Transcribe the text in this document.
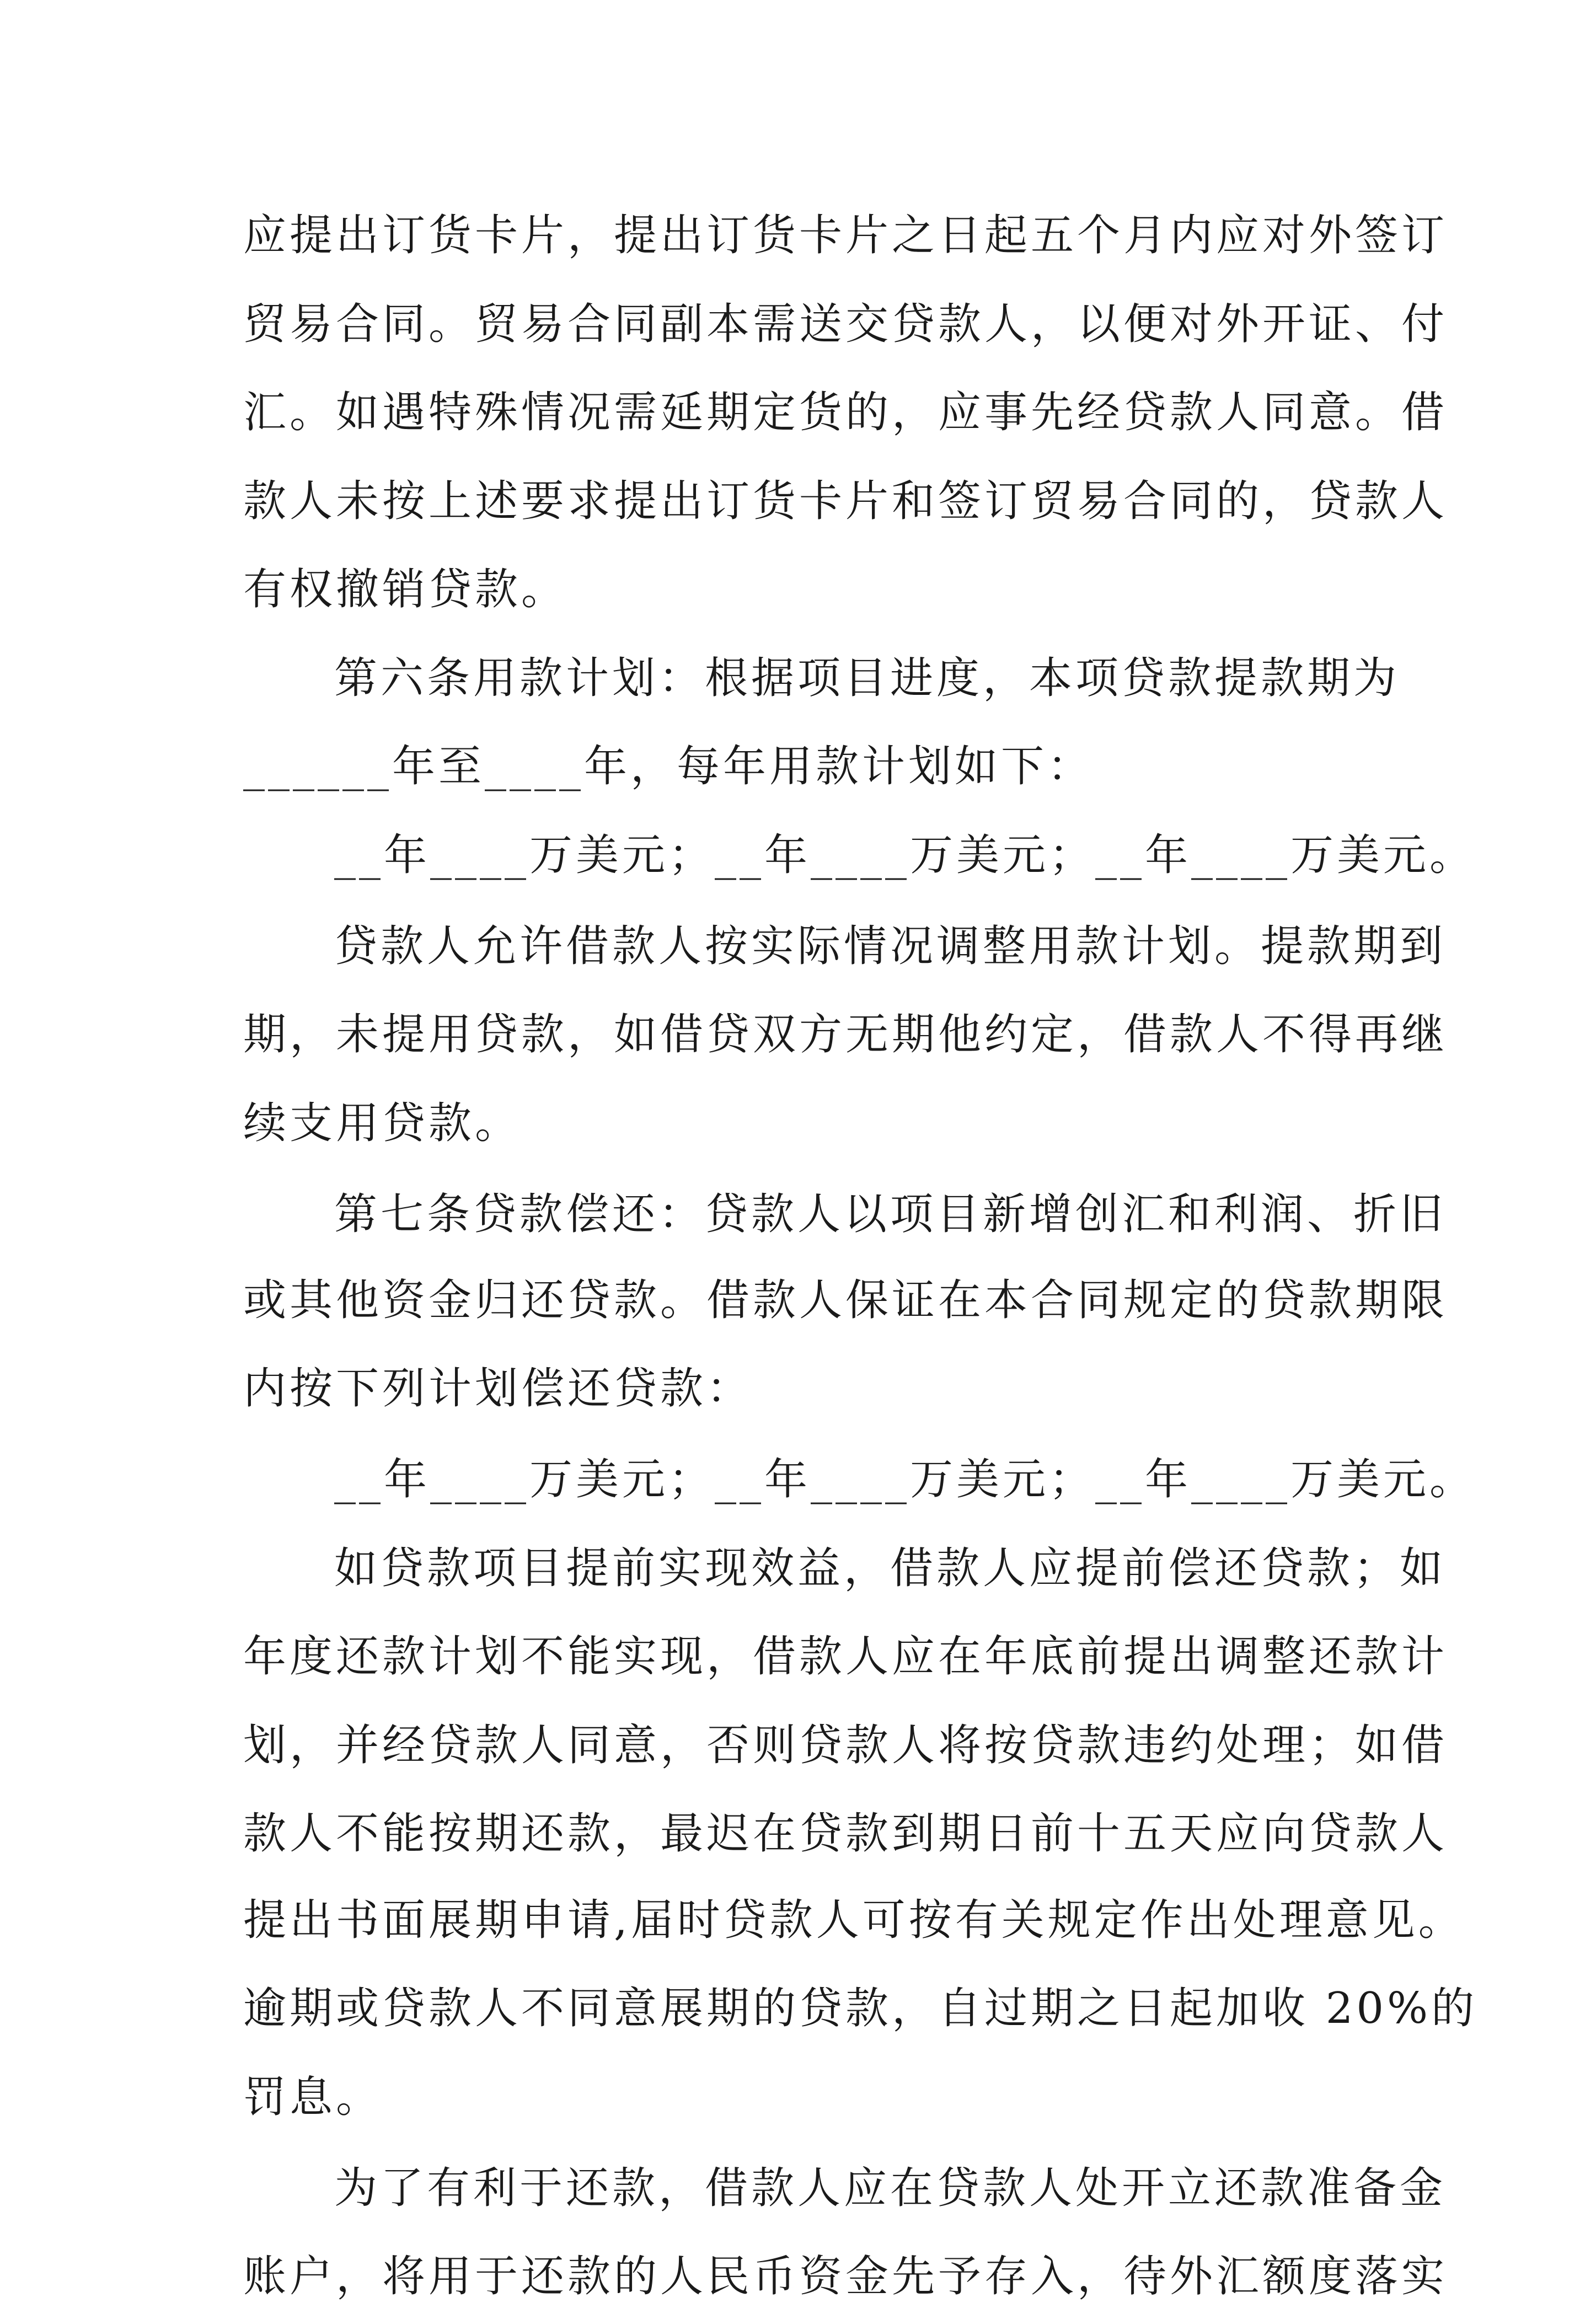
应提出订货卡片，提出订货卡片之日起五个月内应对外签订
贸易合同。贸易合同副本需送交贷款人，以便对外开证、付
汇。如遇特殊情况需延期定货的，应事先经贷款人同意。借
款人未按上述要求提出订货卡片和签订贸易合同的，贷款人
有权撤销贷款。
第六条用款计划：根据项目进度，本项贷款提款期为
______年至____年，每年用款计划如下：
__年____万美元；__年____万美元；__年____万美元。
贷款人允许借款人按实际情况调整用款计划。提款期到
期，未提用贷款，如借贷双方无期他约定，借款人不得再继
续支用贷款。
第七条贷款偿还：贷款人以项目新增创汇和利润、折旧
或其他资金归还贷款。借款人保证在本合同规定的贷款期限
内按下列计划偿还贷款：
__年____万美元；__年____万美元；__年____万美元。
如贷款项目提前实现效益，借款人应提前偿还贷款；如
年度还款计划不能实现，借款人应在年底前提出调整还款计
划，并经贷款人同意，否则贷款人将按贷款违约处理；如借
款人不能按期还款，最迟在贷款到期日前十五天应向贷款人
提出书面展期申请,届时贷款人可按有关规定作出处理意见。
逾期或贷款人不同意展期的贷款，自过期之日起加收 20%的
罚息。
为了有利于还款，借款人应在贷款人处开立还款准备金
账户，将用于还款的人民币资金先予存入，待外汇额度落实
